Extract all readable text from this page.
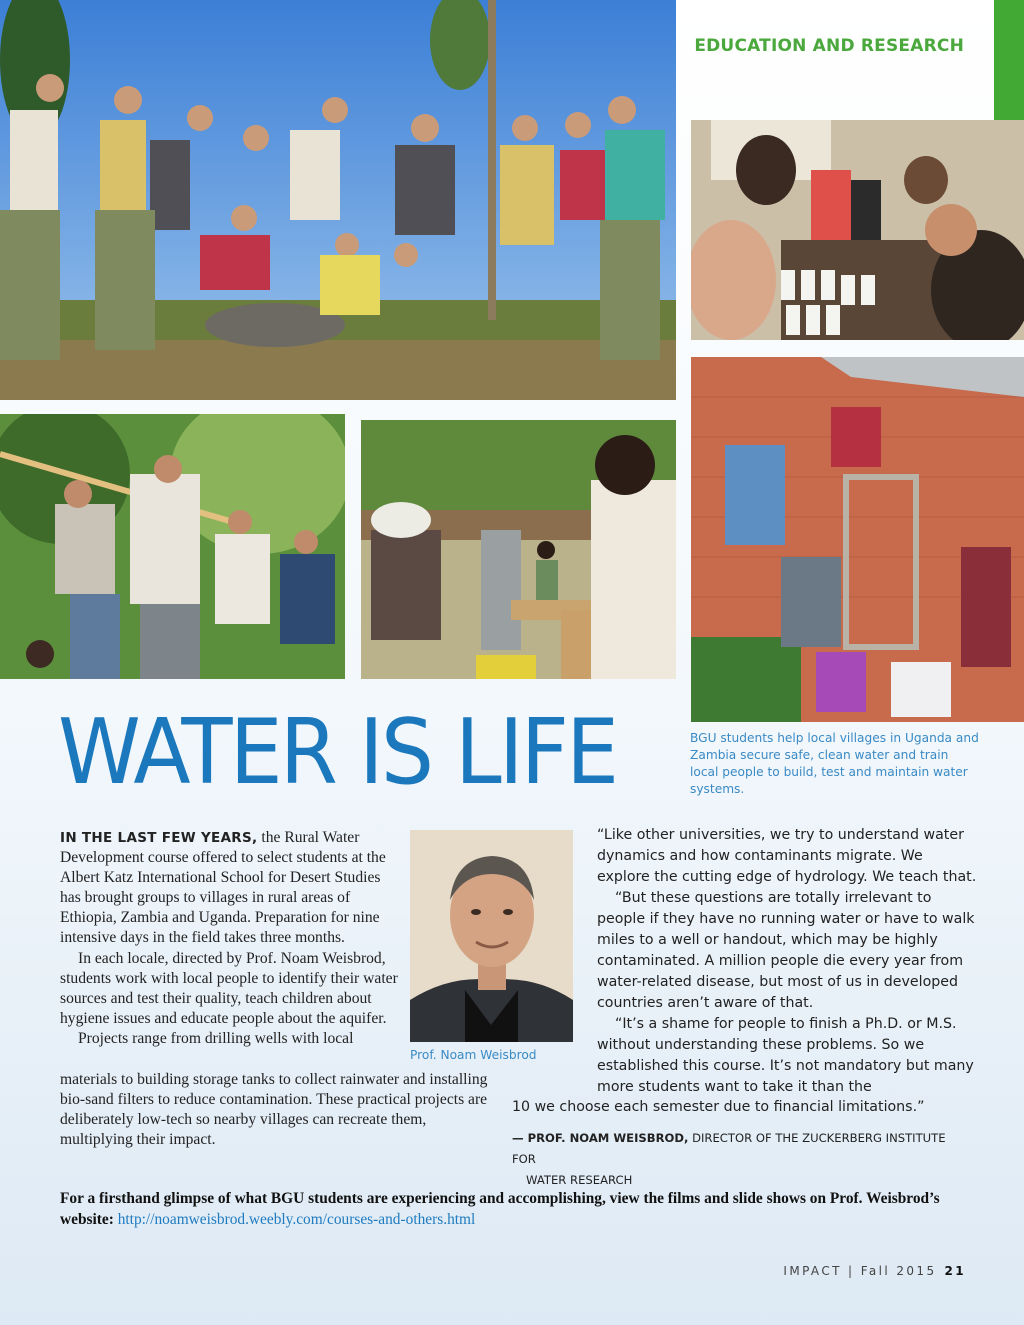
EDUCATION AND RESEARCH
WATER IS LIFE	BGU students help local villages in Uganda and Zambia secure safe, clean water and train local people to build, test and maintain water systems.

IN THE LAST FEW YEARS, the Rural Water Development course offered to select students at the Albert Katz International School for Desert Studies has brought groups to villages in rural areas of Ethiopia, Zambia and Uganda. Preparation for nine intensive days in the field takes three months.

In each locale, directed by Prof. Noam Weisbrod, students work with local people to identify their water sources and test their quality, teach children about hygiene issues and educate people about the aquifer.

Projects range from drilling wells with local

materials to building storage tanks to collect rainwater and installing bio-sand filters to reduce contamination. These practical projects are deliberately low-tech so nearby villages can recreate them, multiplying their impact.

Prof. Noam Weisbrod

“Like other universities, we try to understand water dynamics and how contaminants migrate. We explore the cutting edge of hydrology. We teach that.

“But these questions are totally irrelevant to people if they have no running water or have to walk miles to a well or handout, which may be highly contaminated. A million people die every year from water-related disease, but most of us in developed countries aren’t aware of that.

“It’s a shame for people to finish a Ph.D. or M.S. without understanding these problems. So we established this course. It’s not mandatory but many more students want to take it than the

10 we choose each semester due to financial limitations.”
— PROF. NOAM WEISBROD, DIRECTOR OF THE ZUCKERBERG INSTITUTE FOR
WATER RESEARCH
For a firsthand glimpse of what BGU students are experiencing and accomplishing, view the films and slide shows on Prof. Weisbrod’s website: http://noamweisbrod.weebly.com/courses-and-others.html
IMPACT | Fall 2015 21
